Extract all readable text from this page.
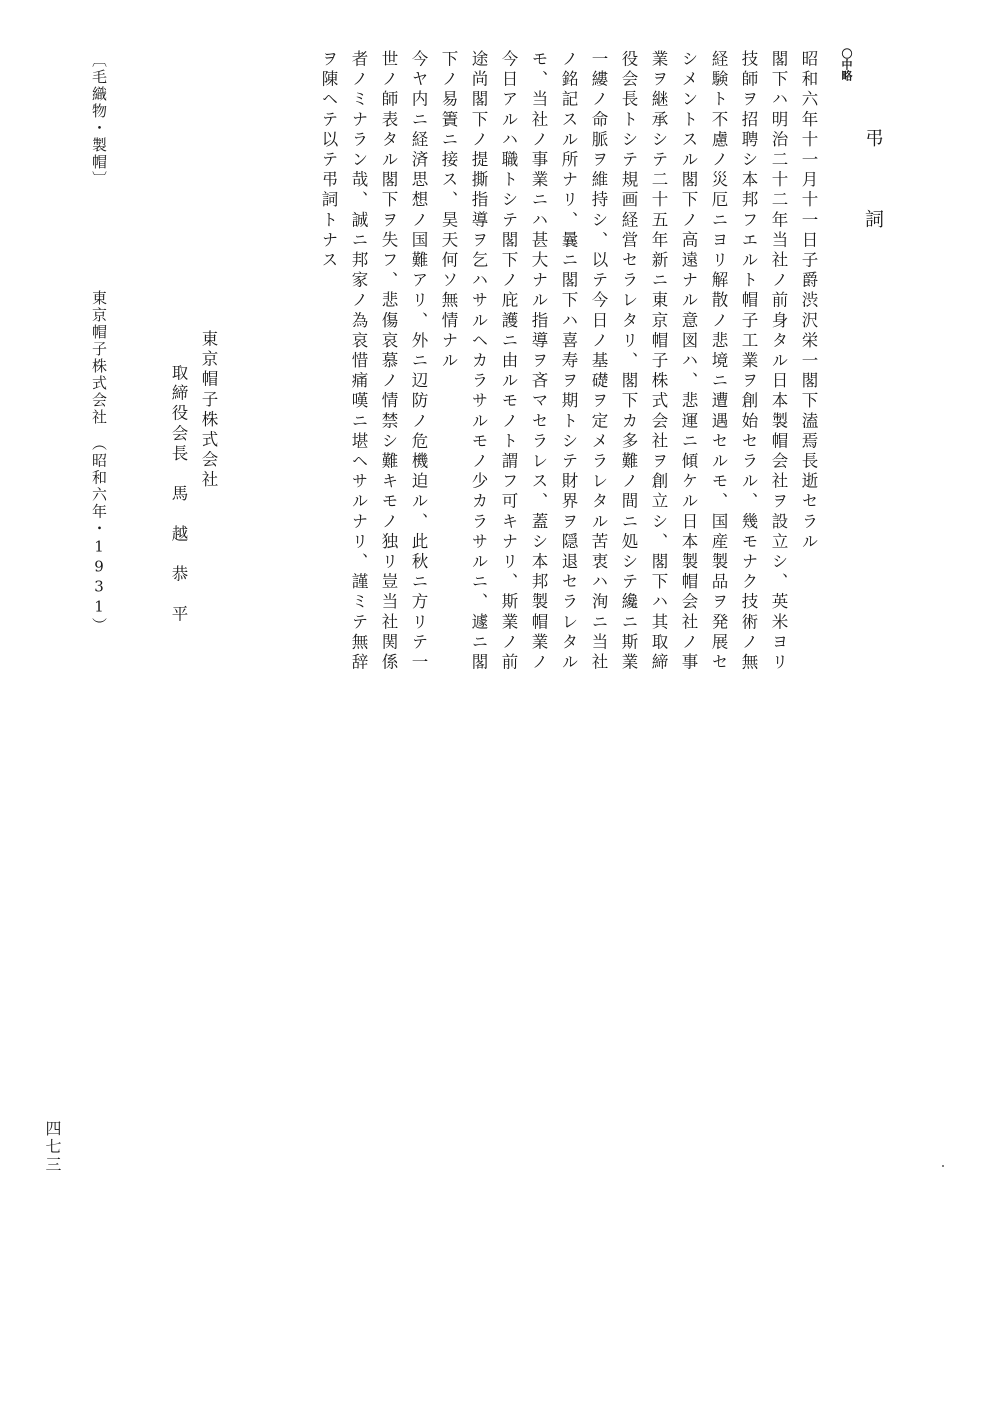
弔 詞
〇中略
昭和六年十一月十一日子爵渋沢栄一閣下溘焉長逝セラル
閣下ハ明治二十二年当社ノ前身タル日本製帽会社ヲ設立シ、英米ヨリ
技師ヲ招聘シ本邦フエルト帽子工業ヲ創始セラル、幾モナク技術ノ無
経験ト不慮ノ災厄ニヨリ解散ノ悲境ニ遭遇セルモ、国産製品ヲ発展セ
シメントスル閣下ノ高遠ナル意図ハ、悲運ニ傾ケル日本製帽会社ノ事
業ヲ継承シテ二十五年新ニ東京帽子株式会社ヲ創立シ、閣下ハ其取締
役会長トシテ規画経営セラレタリ、閣下カ多難ノ間ニ処シテ纔ニ斯業
一縷ノ命脈ヲ維持シ、以テ今日ノ基礎ヲ定メラレタル苦衷ハ洵ニ当社
ノ銘記スル所ナリ、曩ニ閣下ハ喜寿ヲ期トシテ財界ヲ隠退セラレタル
モ、当社ノ事業ニハ甚大ナル指導ヲ吝マセラレス、蓋シ本邦製帽業ノ
今日アルハ職トシテ閣下ノ庇護ニ由ルモノト謂フ可キナリ、斯業ノ前
途尚閣下ノ提撕指導ヲ乞ハサルヘカラサルモノ少カラサルニ、遽ニ閣
下ノ易簀ニ接ス、昊天何ソ無情ナル
今ヤ内ニ経済思想ノ国難アリ、外ニ辺防ノ危機迫ル、此秋ニ方リテ一
世ノ師表タル閣下ヲ失フ、悲傷哀慕ノ情禁シ難キモノ独リ豈当社関係
者ノミナラン哉、誠ニ邦家ノ為哀惜痛嘆ニ堪ヘサルナリ、謹ミテ無辞
ヲ陳ヘテ以テ弔詞トナス
東京帽子株式会社
取締役会長　馬　越　恭　平
〔毛織物・製帽〕
東京帽子株式会社　（昭和六年・1931）
四七三
